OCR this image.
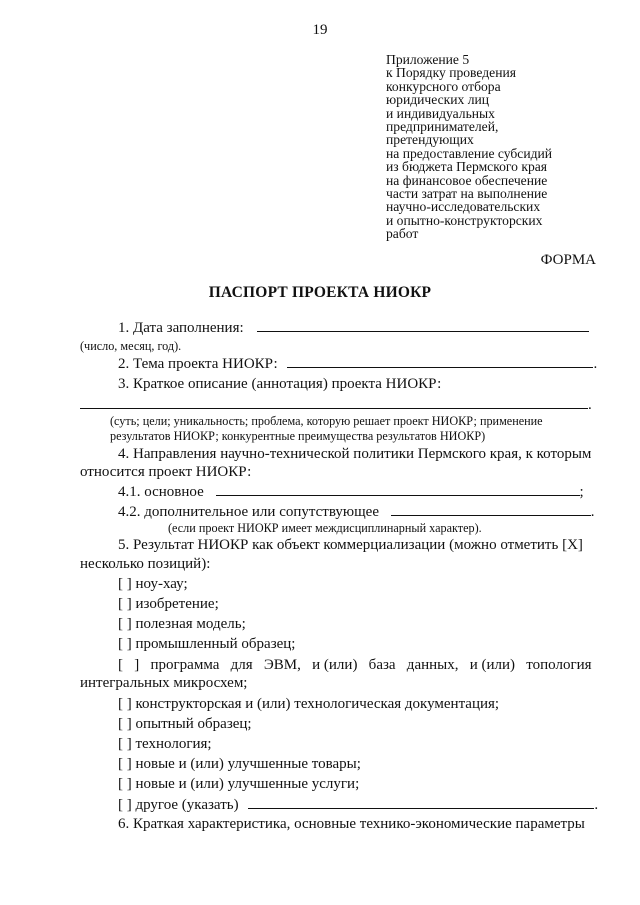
19
Приложение 5
к Порядку проведения
конкурсного отбора
юридических лиц
и индивидуальных
предпринимателей,
претендующих
на предоставление субсидий
из бюджета Пермского края
на финансовое обеспечение
части затрат на выполнение
научно-исследовательских
и опытно-конструкторских
работ
ФОРМА
ПАСПОРТ ПРОЕКТА НИОКР
1. Дата заполнения:
(число, месяц, год).
2. Тема проекта НИОКР:	.
3. Краткое описание (аннотация) проекта НИОКР:
.
(суть; цели; уникальность; проблема, которую решает проект НИОКР; применение
результатов НИОКР; конкурентные преимущества результатов НИОКР)
4. Направления научно-технической политики Пермского края, к которым
относится проект НИОКР:
4.1. основное	;
4.2. дополнительное или сопутствующее	.
(если проект НИОКР имеет междисциплинарный характер).
5. Результат НИОКР как объект коммерциализации (можно отметить [Х]
несколько позиций):
[ ] ноу-хау;
[ ] изобретение;
[ ] полезная модель;
[ ] промышленный образец;
[   ]   программа   для   ЭВМ,   и (или)   база   данных,   и (или)   топология
интегральных микросхем;
[ ] конструкторская и (или) технологическая документация;
[ ] опытный образец;
[ ] технология;
[ ] новые и (или) улучшенные товары;
[ ] новые и (или) улучшенные услуги;
[ ] другое (указать)	.
6. Краткая характеристика, основные технико-экономические параметры
